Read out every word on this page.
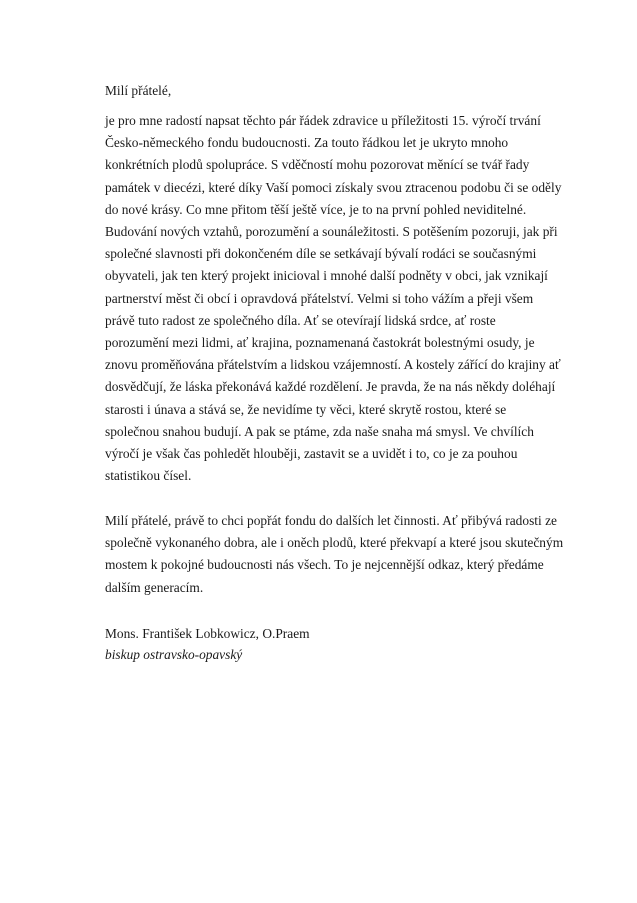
Milí přátelé,
je pro mne radostí napsat těchto pár řádek zdravice u příležitosti 15. výročí trvání
Česko-německého fondu budoucnosti. Za touto řádkou let je ukryto mnoho
konkrétních plodů spolupráce. S vděčností mohu pozorovat měnící se tvář řady
památek v diecézi, které díky Vaší pomoci získaly svou ztracenou podobu či se oděly
do nové krásy. Co mne přitom těší ještě více, je to na první pohled neviditelné.
Budování nových vztahů, porozumění a sounáležitosti. S potěšením pozoruji, jak při
společné slavnosti při dokončeném díle se setkávají bývalí rodáci se současnými
obyvateli, jak ten který projekt inicioval i mnohé další podněty v obci, jak vznikají
partnerství měst či obcí i opravdová přátelství. Velmi si toho vážím a přeji všem
právě tuto radost ze společného díla. Ať se otevírají lidská srdce, ať roste
porozumění mezi lidmi, ať krajina, poznamenaná častokrát bolestnými osudy, je
znovu proměňována přátelstvím a lidskou vzájemností. A kostely zářící do krajiny ať
dosvědčují, že láska překonává každé rozdělení. Je pravda, že na nás někdy doléhají
starosti i únava a stává se, že nevidíme ty věci, které skrytě rostou, které se
společnou snahou budují. A pak se ptáme, zda naše snaha má smysl. Ve chvílích
výročí je však čas pohledět hlouběji, zastavit se a uvidět i to, co je za pouhou
statistikou čísel.
Milí přátelé, právě to chci popřát fondu do dalších let činnosti. Ať přibývá radosti ze
společně vykonaného dobra, ale i oněch plodů, které překvapí a které jsou skutečným
mostem k pokojné budoucnosti nás všech. To je nejcennější odkaz, který předáme
dalším generacím.
Mons. František Lobkowicz, O.Praem
biskup ostravsko-opavský
